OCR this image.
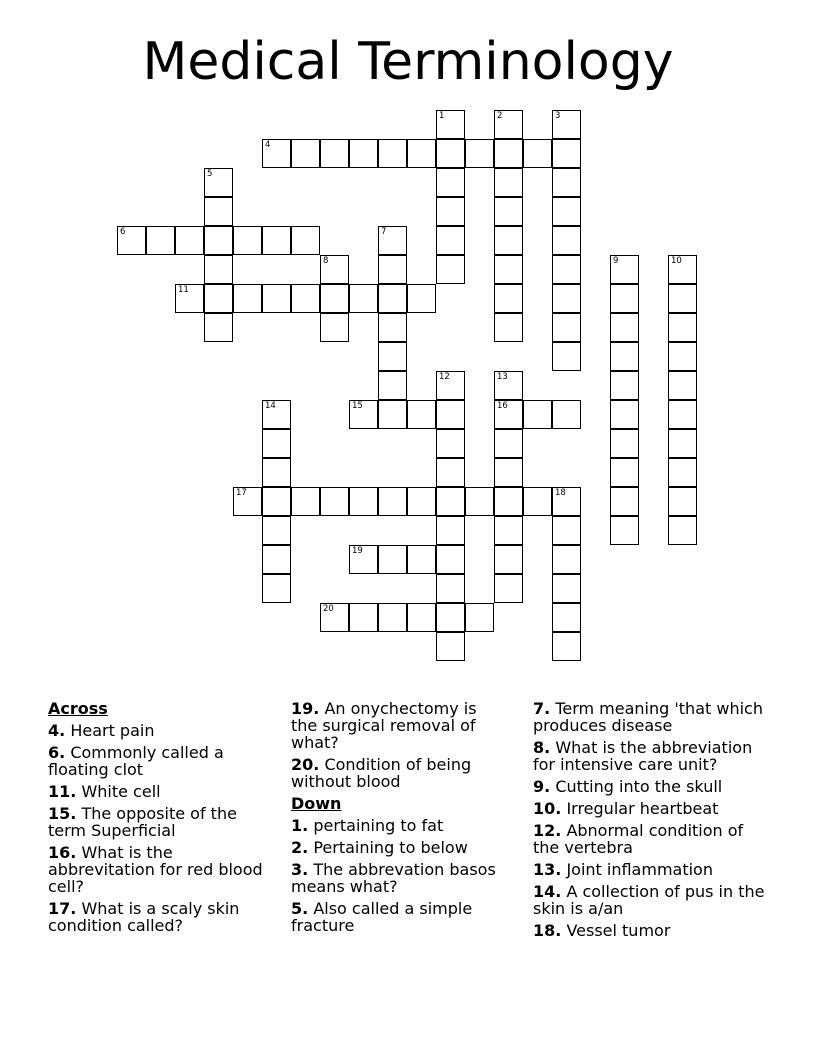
Medical Terminology
1	2	3
4
5
6	7
8	9	10
11
12	13
16
14	15
17	18
19
20
Across
4. Heart pain
6. Commonly called a floating clot
11. White cell
15. The opposite of the term Superficial
16. What is the abbrevitation for red blood cell?
17. What is a scaly skin condition called?
19. An onychectomy is the surgical removal of what?
20. Condition of being without blood
Down
1. pertaining to fat
2. Pertaining to below
3. The abbrevation basos means what?
5. Also called a simple fracture
7. Term meaning 'that which produces disease
8. What is the abbreviation for intensive care unit?
9. Cutting into the skull
10. Irregular heartbeat
12. Abnormal condition of the vertebra
13. Joint inflammation
14. A collection of pus in the skin is a/an
18. Vessel tumor
